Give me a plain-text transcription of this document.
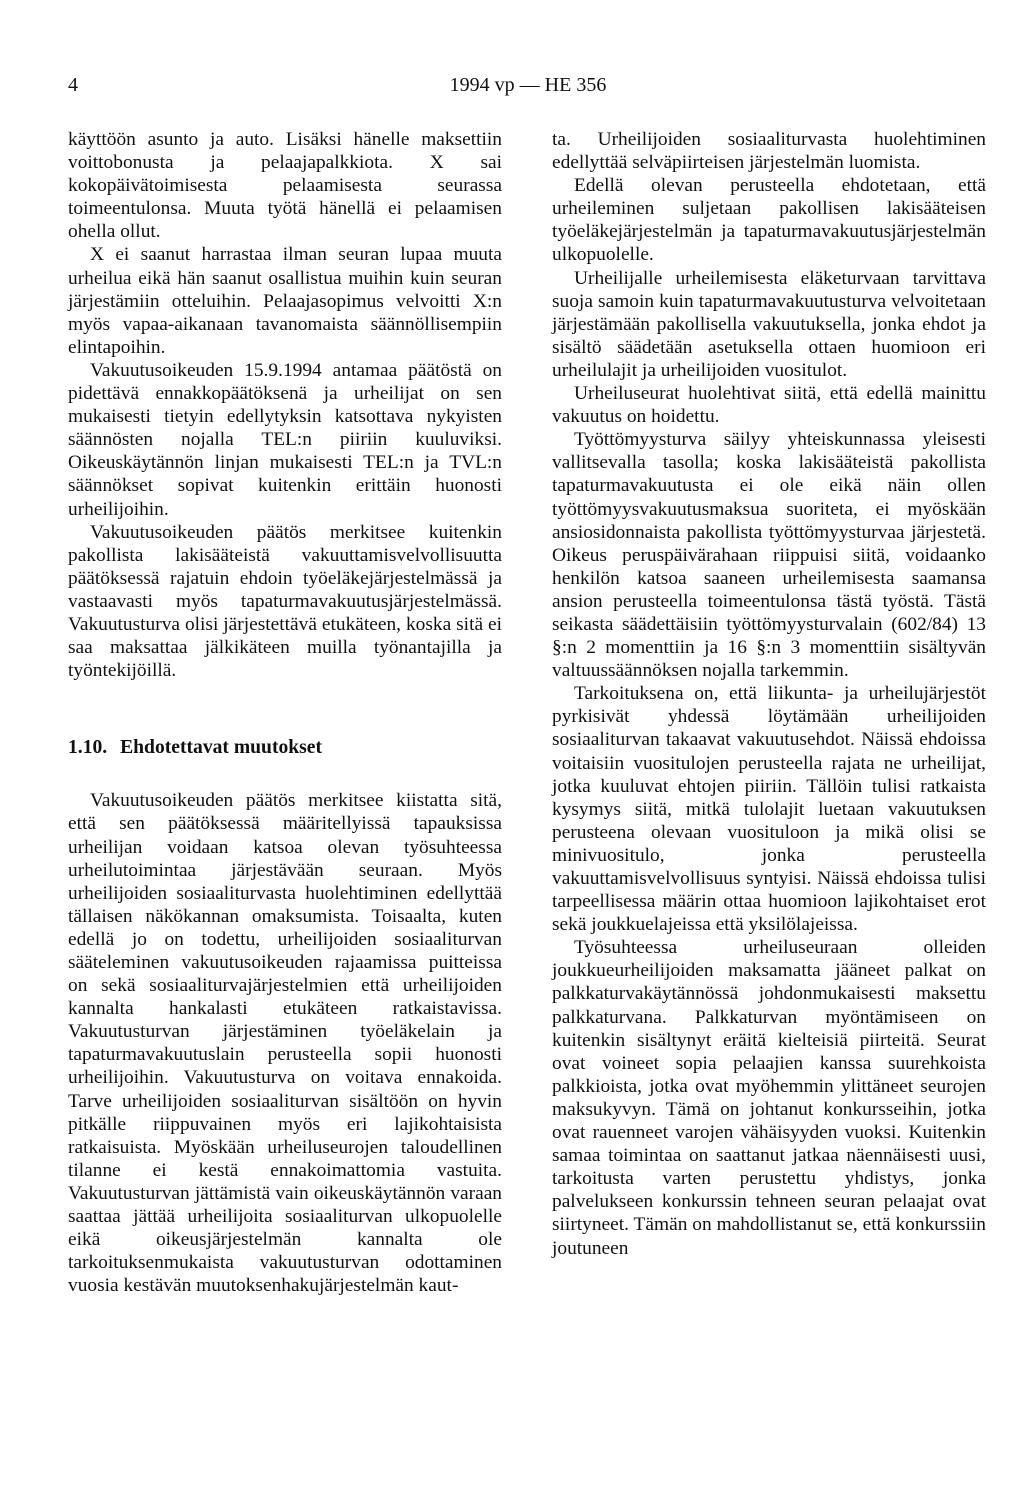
4	1994 vp — HE 356

käyttöön asunto ja auto. Lisäksi hänelle maksettiin voittobonusta ja pelaajapalkkiota. X sai kokopäivätoimisesta pelaamisesta seurassa toimeentulonsa. Muuta työtä hänellä ei pelaamisen ohella ollut.

X ei saanut harrastaa ilman seuran lupaa muuta urheilua eikä hän saanut osallistua muihin kuin seuran järjestämiin otteluihin. Pelaajasopimus velvoitti X:n myös vapaa-aikanaan tavanomaista säännöllisempiin elintapoihin.

Vakuutusoikeuden 15.9.1994 antamaa päätöstä on pidettävä ennakkopäätöksenä ja urheilijat on sen mukaisesti tietyin edellytyksin katsottava nykyisten säännösten nojalla TEL:n piiriin kuuluviksi. Oikeuskäytännön linjan mukaisesti TEL:n ja TVL:n säännökset sopivat kuitenkin erittäin huonosti urheilijoihin.

Vakuutusoikeuden päätös merkitsee kuitenkin pakollista lakisääteistä vakuuttamisvelvollisuutta päätöksessä rajatuin ehdoin työeläkejärjestelmässä ja vastaavasti myös tapaturmavakuutusjärjestelmässä. Vakuutusturva olisi järjestettävä etukäteen, koska sitä ei saa maksattaa jälkikäteen muilla työnantajilla ja työntekijöillä.

1.10. Ehdotettavat muutokset

Vakuutusoikeuden päätös merkitsee kiistatta sitä, että sen päätöksessä määritellyissä tapauksissa urheilijan voidaan katsoa olevan työsuhteessa urheilutoimintaa järjestävään seuraan. Myös urheilijoiden sosiaaliturvasta huolehtiminen edellyttää tällaisen näkökannan omaksumista. Toisaalta, kuten edellä jo on todettu, urheilijoiden sosiaaliturvan sääteleminen vakuutusoikeuden rajaamissa puitteissa on sekä sosiaaliturvajärjestelmien että urheilijoiden kannalta hankalasti etukäteen ratkaistavissa. Vakuutusturvan järjestäminen työeläkelain ja tapaturmavakuutuslain perusteella sopii huonosti urheilijoihin. Vakuutusturva on voitava ennakoida. Tarve urheilijoiden sosiaaliturvan sisältöön on hyvin pitkälle riippuvainen myös eri lajikohtaisista ratkaisuista. Myöskään urheiluseurojen taloudellinen tilanne ei kestä ennakoimattomia vastuita. Vakuutusturvan jättämistä vain oikeuskäytännön varaan saattaa jättää urheilijoita sosiaaliturvan ulkopuolelle eikä oikeusjärjestelmän kannalta ole tarkoituksenmukaista vakuutusturvan odottaminen vuosia kestävän muutoksenhakujärjestelmän kaut-

ta. Urheilijoiden sosiaaliturvasta huolehtiminen edellyttää selväpiirteisen järjestelmän luomista.

Edellä olevan perusteella ehdotetaan, että urheileminen suljetaan pakollisen lakisääteisen työeläkejärjestelmän ja tapaturmavakuutusjärjestelmän ulkopuolelle.

Urheilijalle urheilemisesta eläketurvaan tarvittava suoja samoin kuin tapaturmavakuutusturva velvoitetaan järjestämään pakollisella vakuutuksella, jonka ehdot ja sisältö säädetään asetuksella ottaen huomioon eri urheilulajit ja urheilijoiden vuositulot.

Urheiluseurat huolehtivat siitä, että edellä mainittu vakuutus on hoidettu.

Työttömyysturva säilyy yhteiskunnassa yleisesti vallitsevalla tasolla; koska lakisääteistä pakollista tapaturmavakuutusta ei ole eikä näin ollen työttömyysvakuutusmaksua suoriteta, ei myöskään ansiosidonnaista pakollista työttömyysturvaa järjestetä. Oikeus peruspäivärahaan riippuisi siitä, voidaanko henkilön katsoa saaneen urheilemisesta saamansa ansion perusteella toimeentulonsa tästä työstä. Tästä seikasta säädettäisiin työttömyysturvalain (602/84) 13 §:n 2 momenttiin ja 16 §:n 3 momenttiin sisältyvän valtuussäännöksen nojalla tarkemmin.

Tarkoituksena on, että liikunta- ja urheilujärjestöt pyrkisivät yhdessä löytämään urheilijoiden sosiaaliturvan takaavat vakuutusehdot. Näissä ehdoissa voitaisiin vuositulojen perusteella rajata ne urheilijat, jotka kuuluvat ehtojen piiriin. Tällöin tulisi ratkaista kysymys siitä, mitkä tulolajit luetaan vakuutuksen perusteena olevaan vuosituloon ja mikä olisi se minivuositulo, jonka perusteella vakuuttamisvelvollisuus syntyisi. Näissä ehdoissa tulisi tarpeellisessa määrin ottaa huomioon lajikohtaiset erot sekä joukkuelajeissa että yksilölajeissa.

Työsuhteessa urheiluseuraan olleiden joukkueurheilijoiden maksamatta jääneet palkat on palkkaturvakäytännössä johdonmukaisesti maksettu palkkaturvana. Palkkaturvan myöntämiseen on kuitenkin sisältynyt eräitä kielteisiä piirteitä. Seurat ovat voineet sopia pelaajien kanssa suurehkoista palkkioista, jotka ovat myöhemmin ylittäneet seurojen maksukyvyn. Tämä on johtanut konkursseihin, jotka ovat rauenneet varojen vähäisyyden vuoksi. Kuitenkin samaa toimintaa on saattanut jatkaa näennäisesti uusi, tarkoitusta varten perustettu yhdistys, jonka palvelukseen konkurssin tehneen seuran pelaajat ovat siirtyneet. Tämän on mahdollistanut se, että konkurssiin joutuneen
